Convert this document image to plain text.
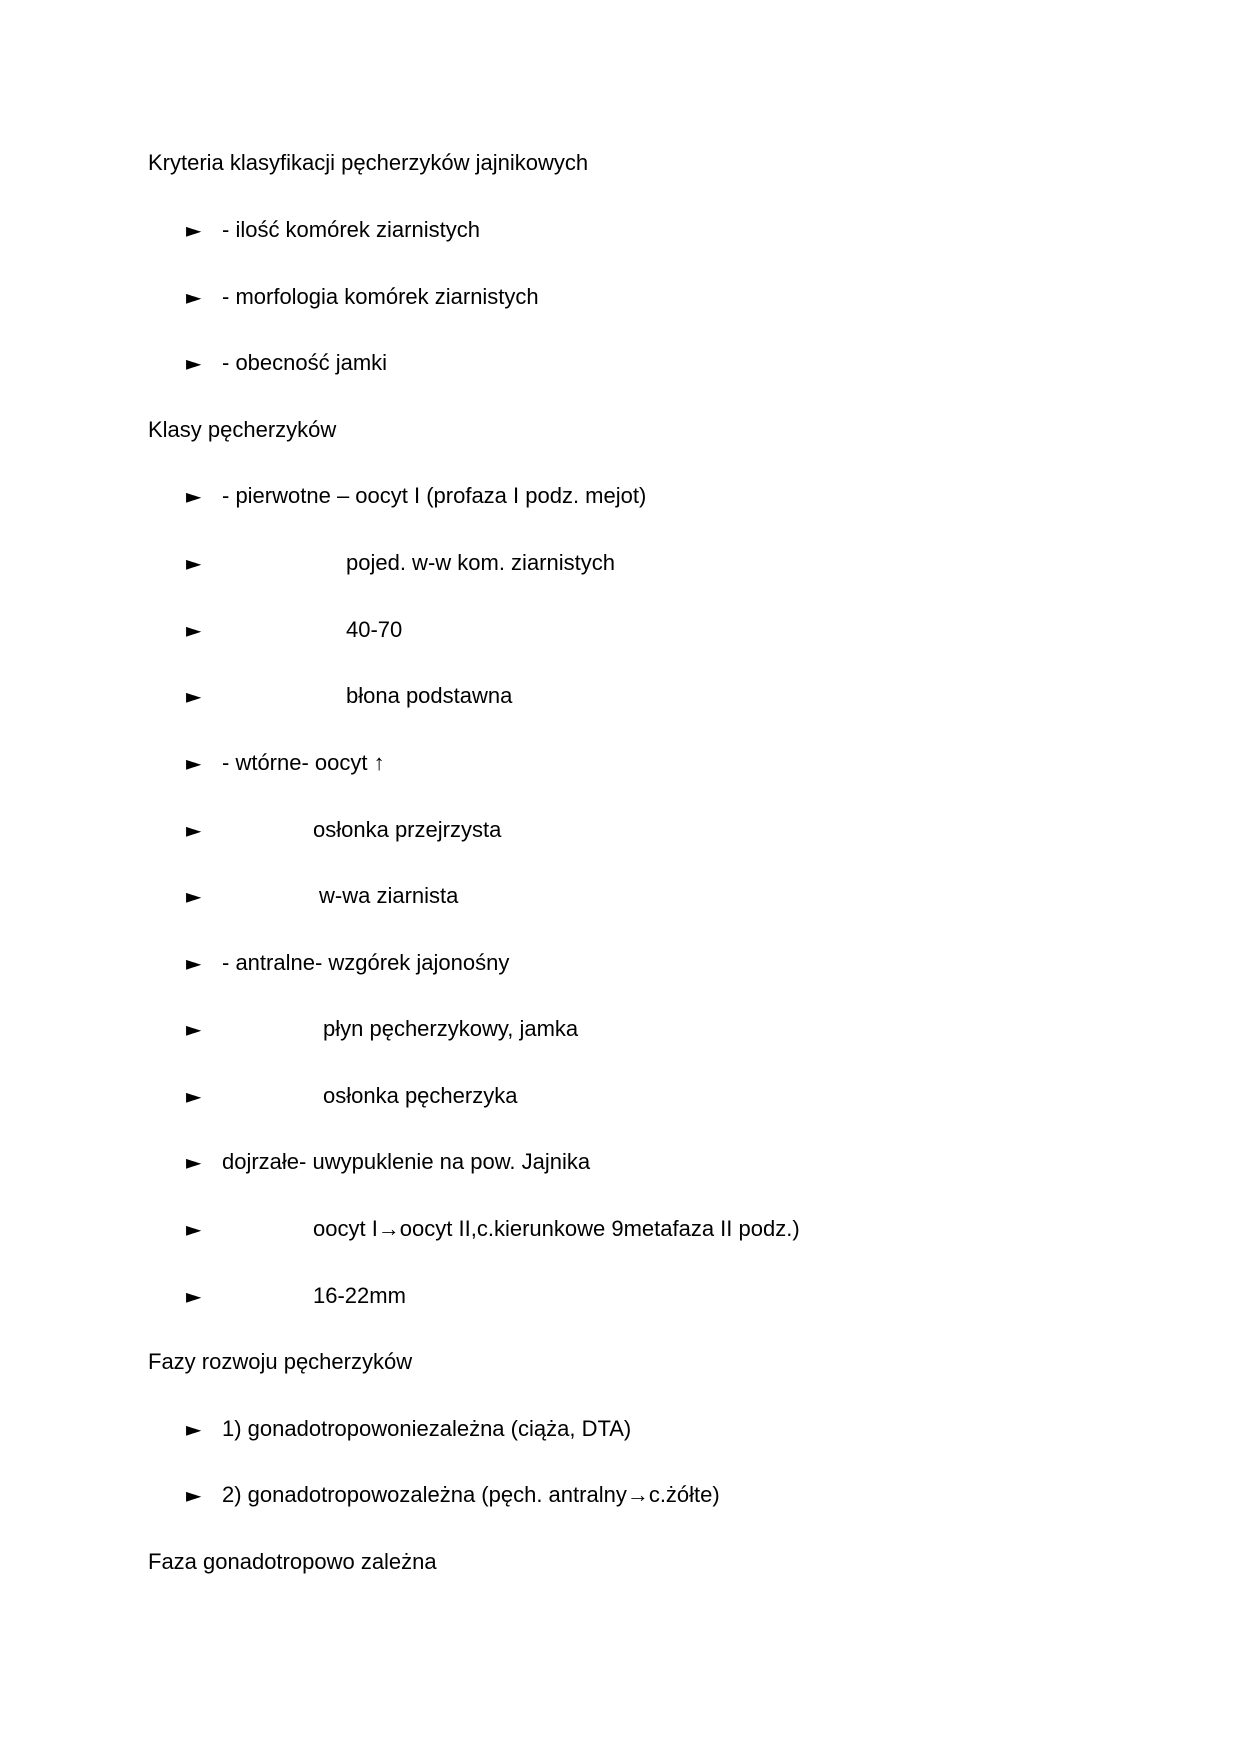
Kryteria klasyfikacji pęcherzyków jajnikowych
► - ilość komórek ziarnistych
► - morfologia komórek ziarnistych
► - obecność jamki
Klasy pęcherzyków
► - pierwotne – oocyt I (profaza I podz. mejot)
►	pojed. w-w kom. ziarnistych
►	40-70
►	błona podstawna
► - wtórne- oocyt ↑
►	osłonka przejrzysta
►	w-wa ziarnista
► - antralne- wzgórek jajonośny
►	płyn pęcherzykowy, jamka
►	osłonka pęcherzyka
► dojrzałe- uwypuklenie na pow. Jajnika
►	oocyt I→oocyt II,c.kierunkowe 9metafaza II podz.)
►	16-22mm
Fazy rozwoju pęcherzyków
► 1) gonadotropowoniezależna (ciąża, DTA)
► 2) gonadotropowozależna (pęch. antralny→c.żółte)
Faza gonadotropowo zależna
